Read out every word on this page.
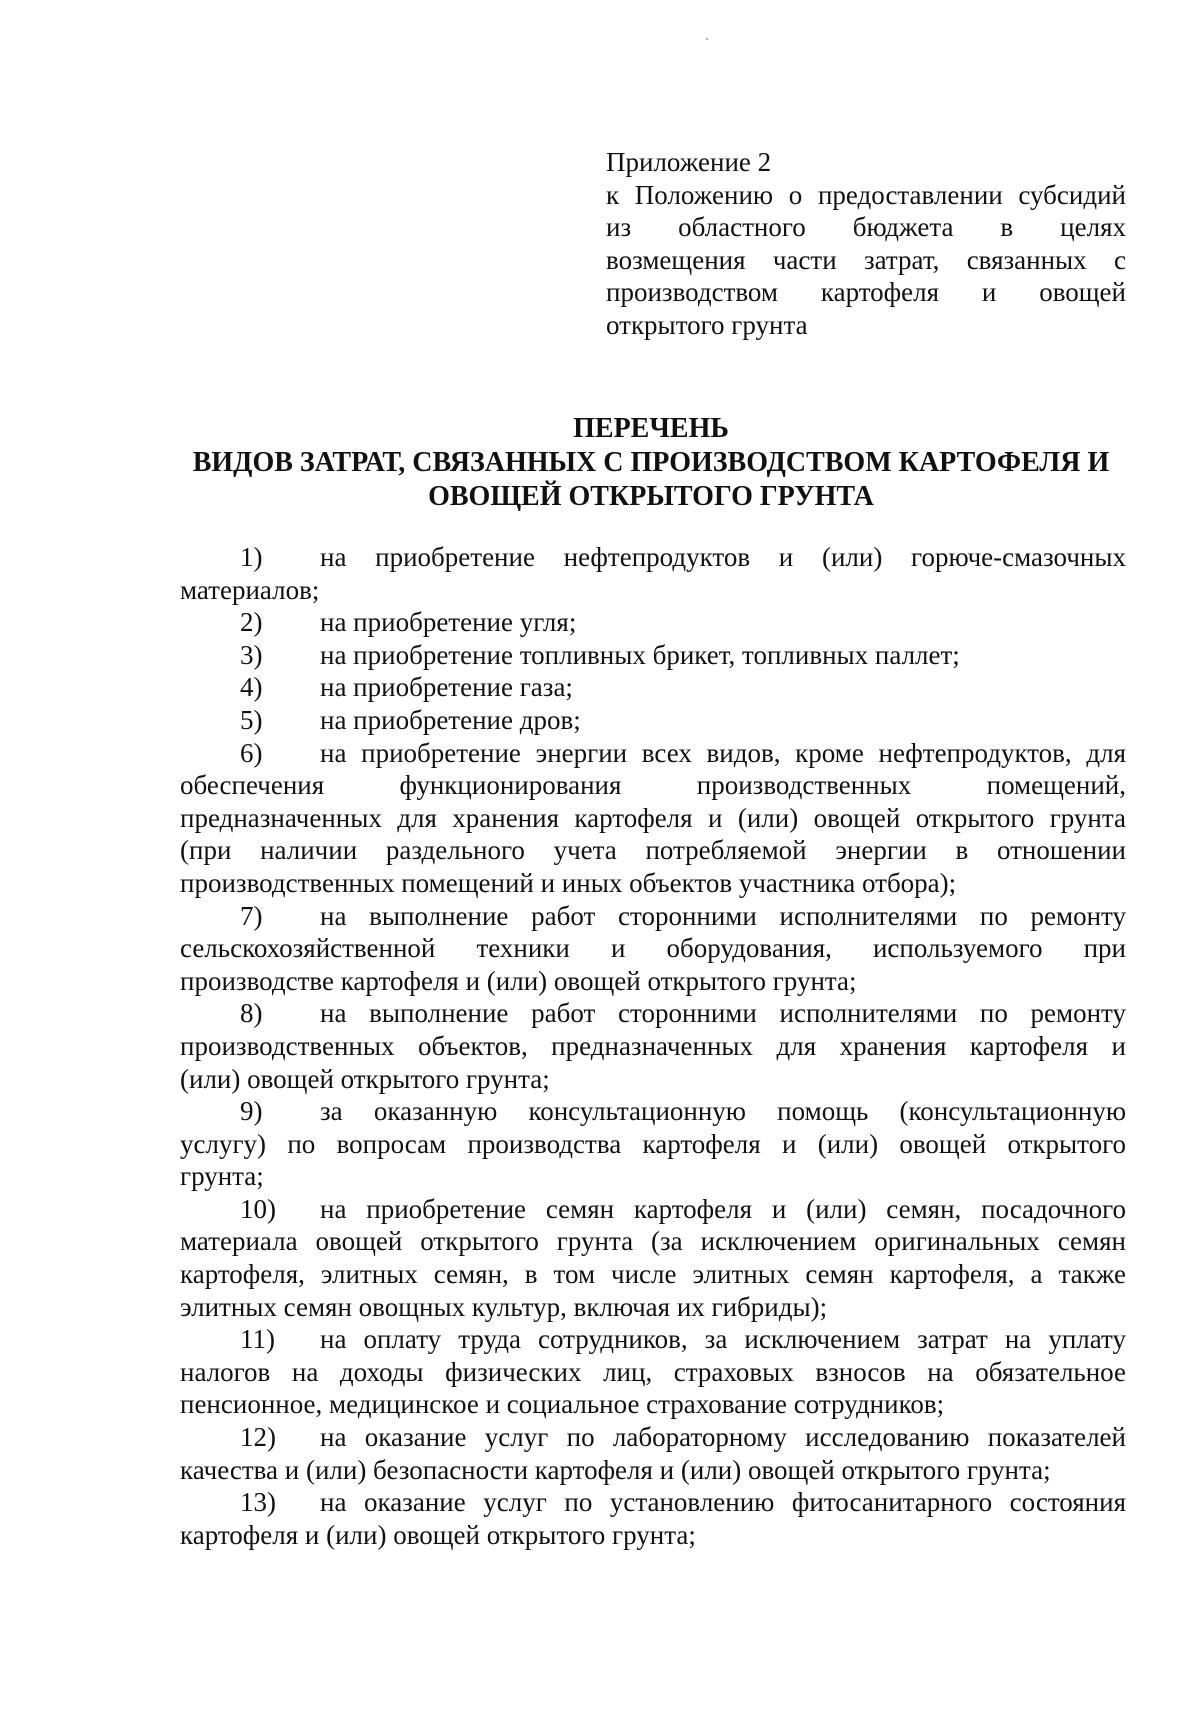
Приложение 2
к Положению о предоставлении субсидий
из областного бюджета в целях
возмещения части затрат, связанных с
производством картофеля и овощей
открытого грунта
ПЕРЕЧЕНЬ
ВИДОВ ЗАТРАТ, СВЯЗАННЫХ С ПРОИЗВОДСТВОМ КАРТОФЕЛЯ И
ОВОЩЕЙ ОТКРЫТОГО ГРУНТА
1) на приобретение нефтепродуктов и (или) горюче-смазочных
материалов;
2) на приобретение угля;
3) на приобретение топливных брикет, топливных паллет;
4) на приобретение газа;
5) на приобретение дров;
6) на приобретение энергии всех видов, кроме нефтепродуктов, для
обеспечения функционирования производственных помещений,
предназначенных для хранения картофеля и (или) овощей открытого грунта
(при наличии раздельного учета потребляемой энергии в отношении
производственных помещений и иных объектов участника отбора);
7) на выполнение работ сторонними исполнителями по ремонту
сельскохозяйственной техники и оборудования, используемого при
производстве картофеля и (или) овощей открытого грунта;
8) на выполнение работ сторонними исполнителями по ремонту
производственных объектов, предназначенных для хранения картофеля и
(или) овощей открытого грунта;
9) за оказанную консультационную помощь (консультационную
услугу) по вопросам производства картофеля и (или) овощей открытого
грунта;
10) на приобретение семян картофеля и (или) семян, посадочного
материала овощей открытого грунта (за исключением оригинальных семян
картофеля, элитных семян, в том числе элитных семян картофеля, а также
элитных семян овощных культур, включая их гибриды);
11) на оплату труда сотрудников, за исключением затрат на уплату
налогов на доходы физических лиц, страховых взносов на обязательное
пенсионное, медицинское и социальное страхование сотрудников;
12) на оказание услуг по лабораторному исследованию показателей
качества и (или) безопасности картофеля и (или) овощей открытого грунта;
13) на оказание услуг по установлению фитосанитарного состояния
картофеля и (или) овощей открытого грунта;
